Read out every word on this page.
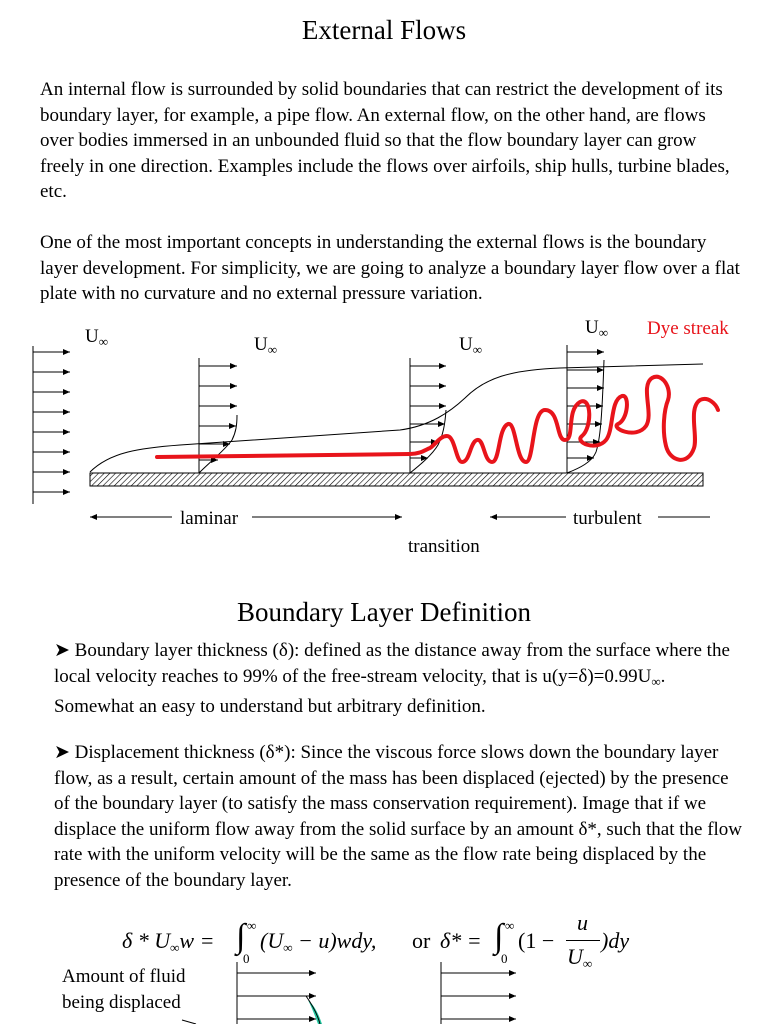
External Flows
An internal flow is surrounded by solid boundaries that can restrict the development of its boundary layer, for example, a pipe flow. An external flow, on the other hand, are flows over bodies immersed in an unbounded fluid so that the flow boundary layer can grow freely in one direction. Examples include the flows over airfoils, ship hulls, turbine blades, etc.
One of the most important concepts in understanding the external flows is the boundary layer development. For simplicity, we are going to analyze a boundary layer flow over a flat plate with no curvature and no external pressure variation.
$U_\infty$	$U_\infty$	$U_\infty$
$U_\infty$ Dye streak
laminar
transition
turbulent
Boundary Layer Definition
➤ Boundary layer thickness (δ): defined as the distance away from the surface where the local velocity reaches to 99% of the free-stream velocity, that is $u(y=\delta)=0.99U_\infty$. Somewhat an easy to understand but arbitrary definition.
➤ Displacement thickness (δ*): Since the viscous force slows down the boundary layer flow, as a result, certain amount of the mass has been displaced (ejected) by the presence of the boundary layer (to satisfy the mass conservation requirement). Image that if we displace the uniform flow away from the solid surface by an amount δ*, such that the flow rate with the uniform velocity will be the same as the flow rate being displaced by the presence of the boundary layer.
δ * $U_\infty w$ = ∫ ∞
0
$(U_\infty - u)wdy$, or δ* = ∫ ∞
0
(1 −
u
$U_\infty$
)dy
Amount of fluid being displaced
